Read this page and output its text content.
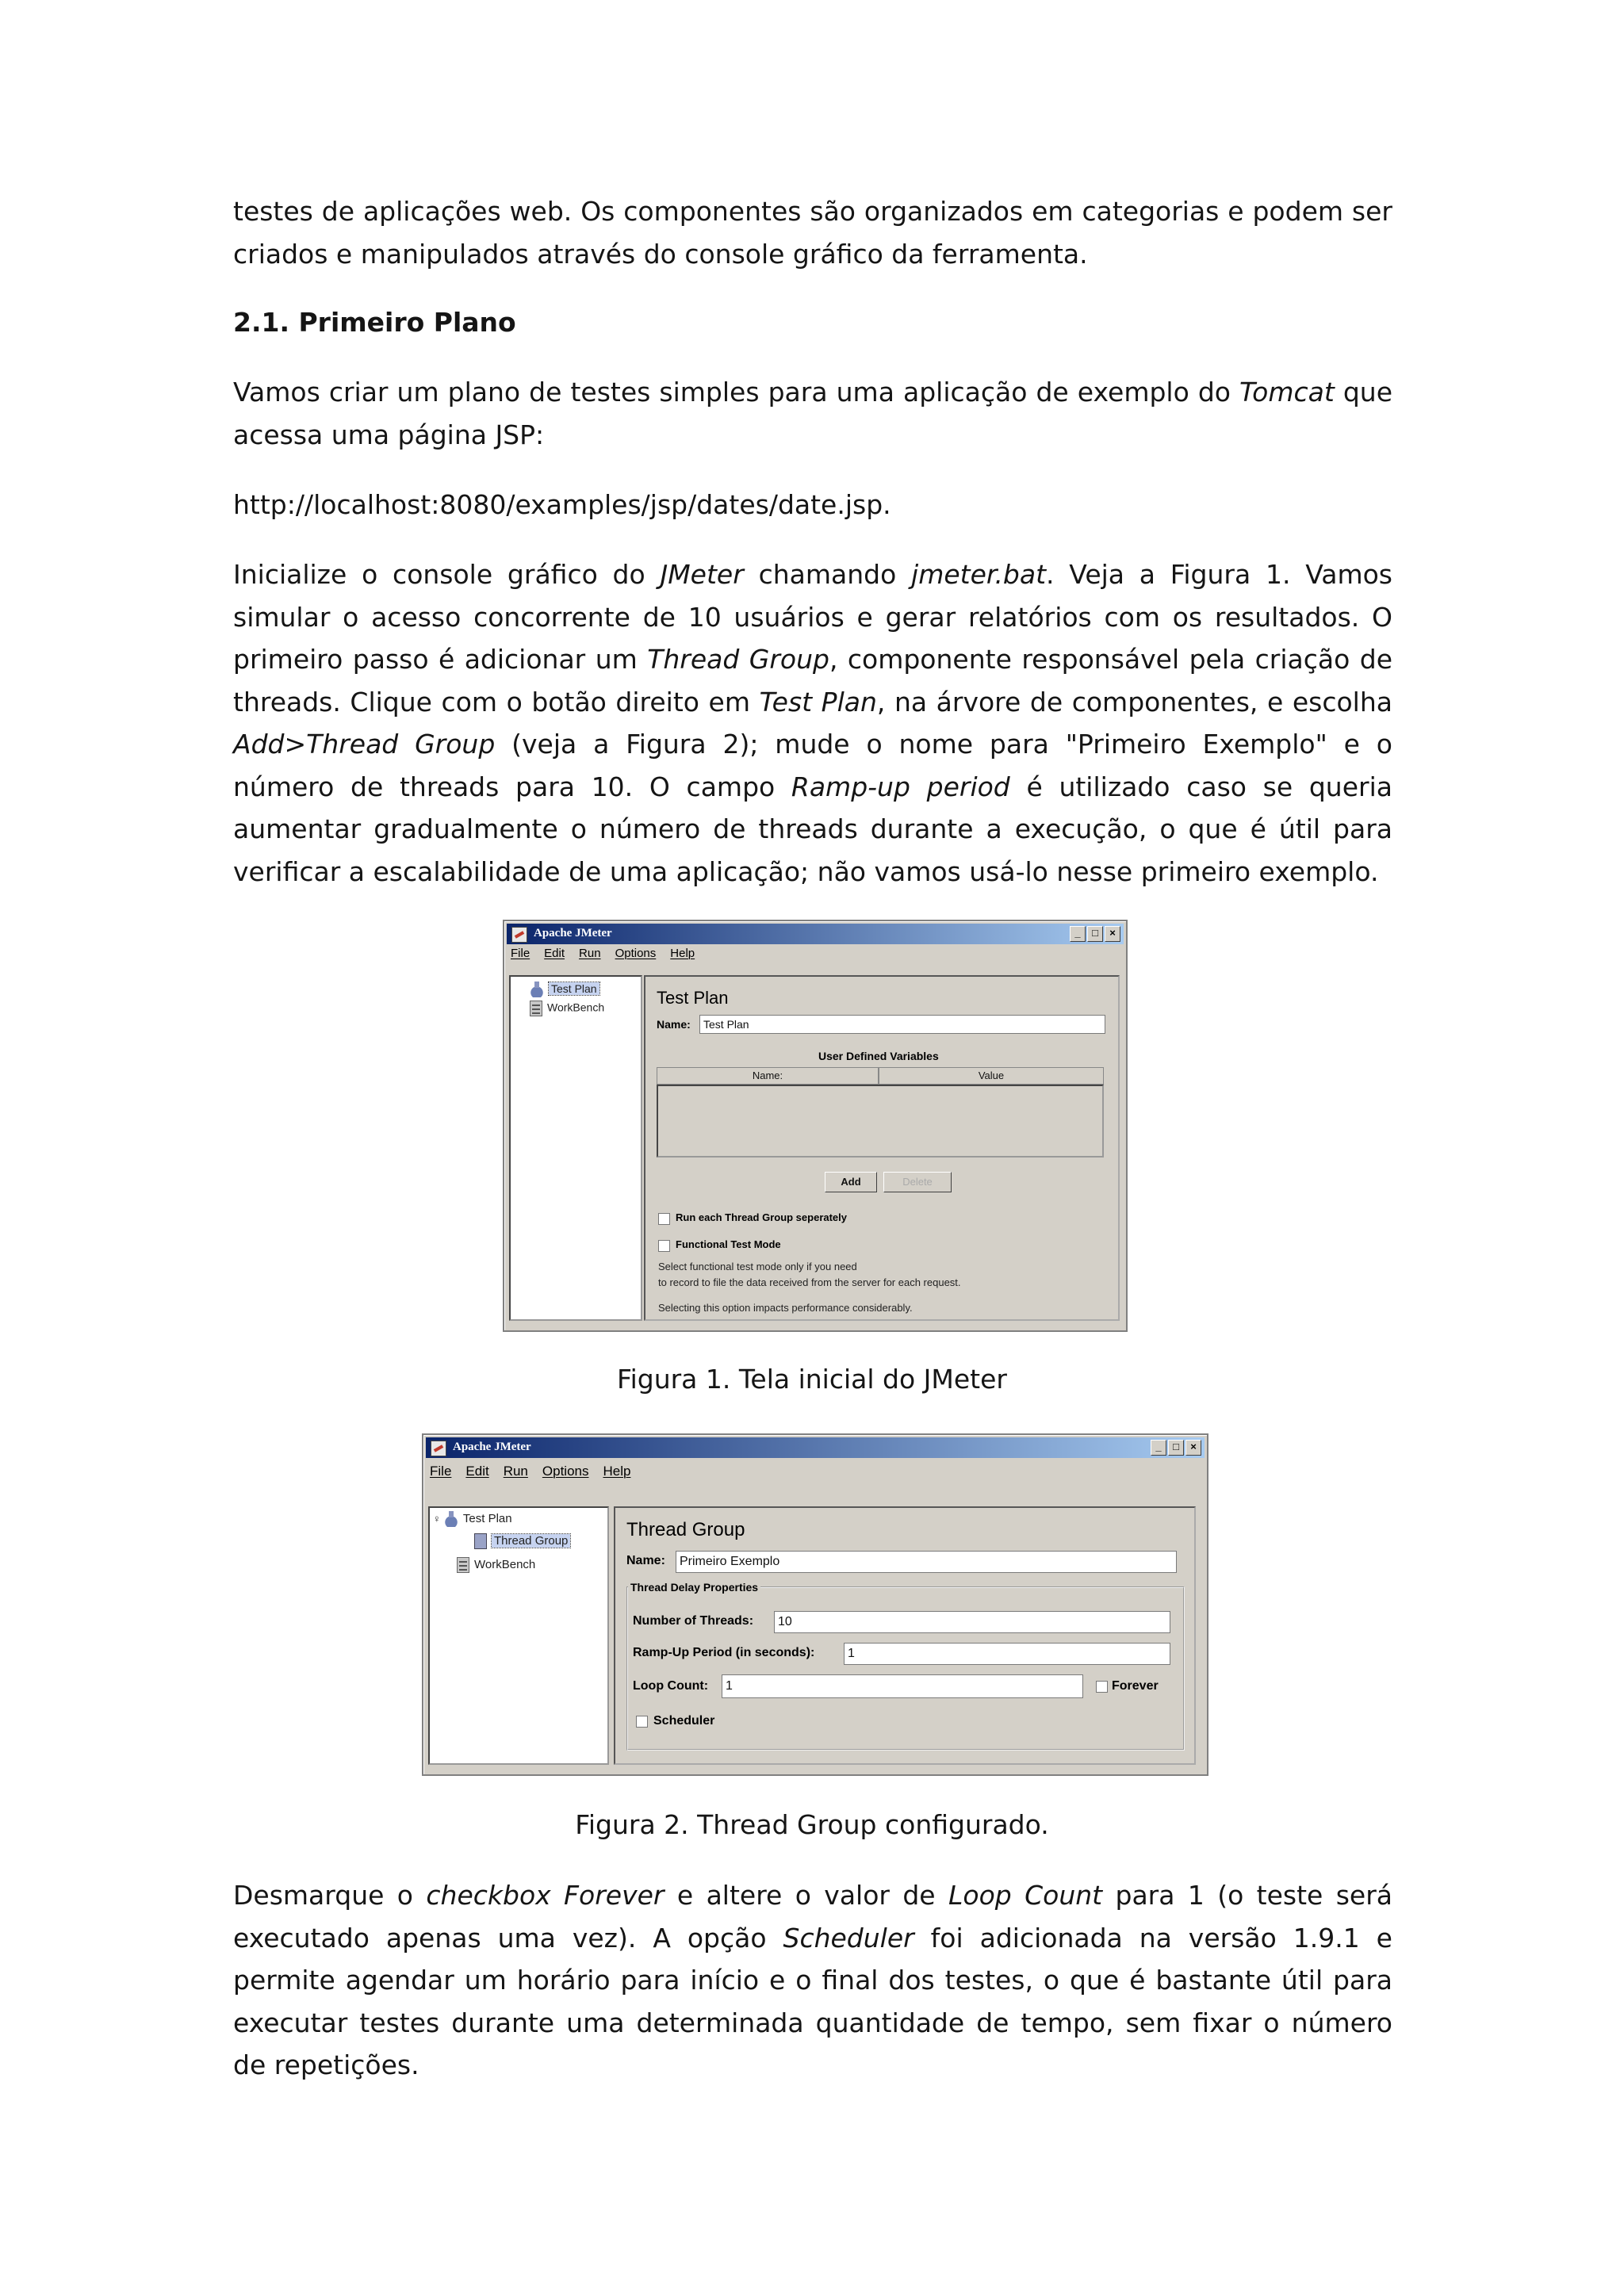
testes de aplicações web. Os componentes são organizados em categorias e podem ser criados e manipulados através do console gráfico da ferramenta.

2.1. Primeiro Plano

Vamos criar um plano de testes simples para uma aplicação de exemplo do Tomcat que acessa uma página JSP:

http://localhost:8080/examples/jsp/dates/date.jsp.

Inicialize o console gráfico do JMeter chamando jmeter.bat. Veja a Figura 1. Vamos simular o acesso concorrente de 10 usuários e gerar relatórios com os resultados. O primeiro passo é adicionar um Thread Group, componente responsável pela criação de threads. Clique com o botão direito em Test Plan, na árvore de componentes, e escolha Add>Thread Group (veja a Figura 2); mude o nome para "Primeiro Exemplo" e o número de threads para 10. O campo Ramp-up period é utilizado caso se queria aumentar gradualmente o número de threads durante a execução, o que é útil para verificar a escalabilidade de uma aplicação; não vamos usá-lo nesse primeiro exemplo.

Apache JMeter	_	□	×
File Edit Run Options Help
Test Plan
WorkBench	Test Plan
Name:	Test Plan
User Defined Variables
Name:	Value
Add	Delete
Run each Thread Group seperately
Functional Test Mode
Select functional test mode only if you need
to record to file the data received from the server for each request.
Selecting this option impacts performance considerably.
Figura 1. Tela inicial do JMeter
Apache JMeter	_	□	×
File Edit Run Options Help
♀ Test Plan
Thread Group
WorkBench
Thread Group
Name:	Primeiro Exemplo
Thread Delay Properties
Number of Threads:	10
Ramp-Up Period (in seconds):	1
Loop Count:	1	Forever
Scheduler
Figura 2. Thread Group configurado.

Desmarque o checkbox Forever e altere o valor de Loop Count para 1 (o teste será executado apenas uma vez). A opção Scheduler foi adicionada na versão 1.9.1 e permite agendar um horário para início e o final dos testes, o que é bastante útil para executar testes durante uma determinada quantidade de tempo, sem fixar o número de repetições.
